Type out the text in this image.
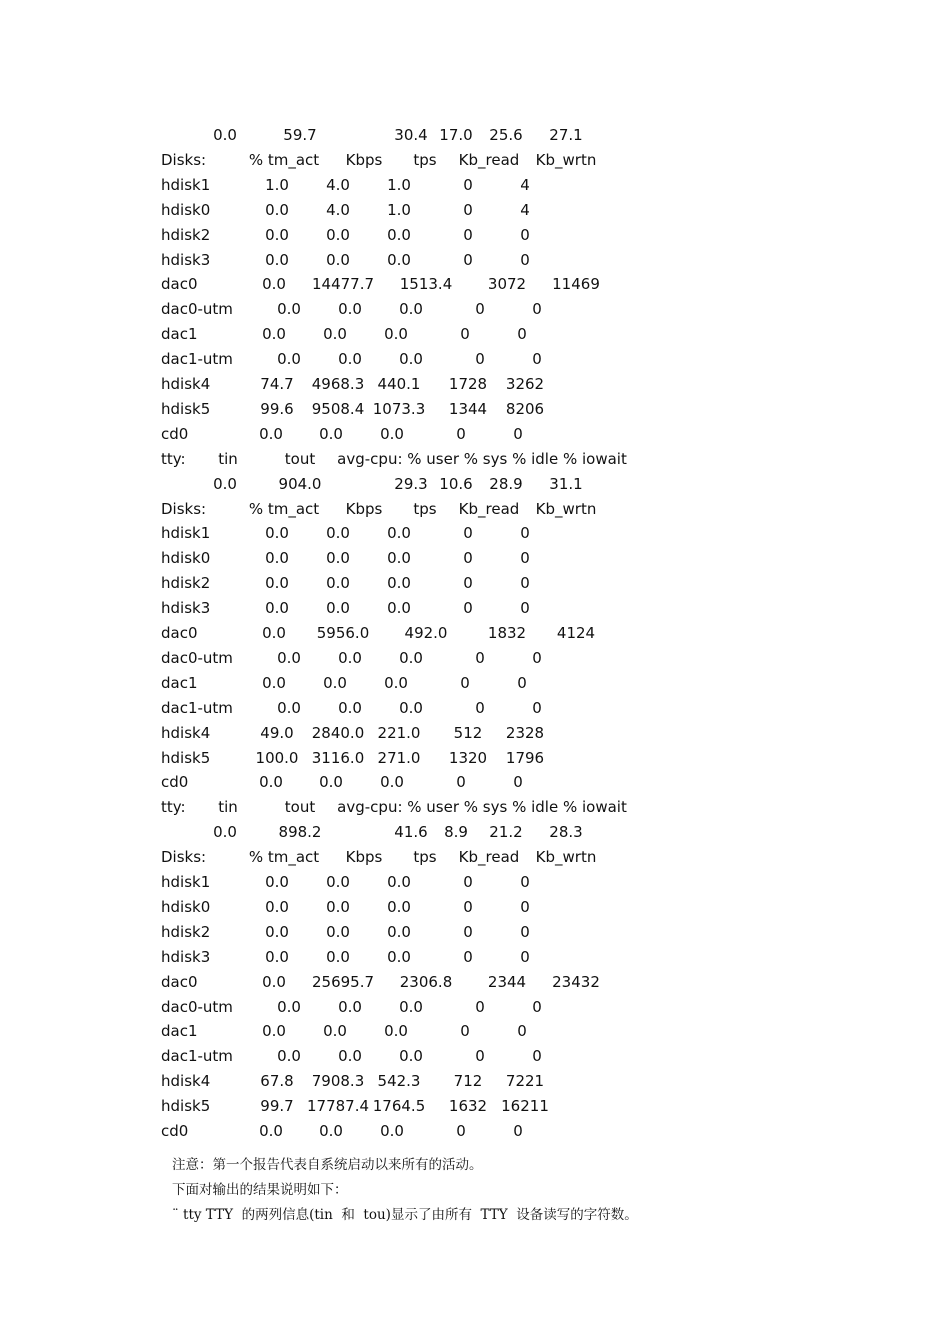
0.0	59.7	30.4 17.0 25.6 27.1
Disks:	% tm_act Kbps tps Kb_read Kb_wrtn
hdisk1	1.0 4.0 1.0	0	4
hdisk0	0.0 4.0 1.0	0	4
hdisk2	0.0 0.0 0.0	0	0
hdisk3	0.0 0.0 0.0	0	0
dac0	0.0 14477.7 1513.4 3072 11469
dac0-utm	0.0 0.0 0.0	0	0
dac1	0.0 0.0 0.0	0	0
dac1-utm	0.0 0.0 0.0	0	0
hdisk4	74.7 4968.3 440.1 1728 3262
hdisk5	99.6 9508.4 1073.3 1344 8206
cd0	0.0 0.0 0.0	0	0
tty: tin	tout avg-cpu: % user % sys % idle % iowait
0.0	904.0	29.3 10.6 28.9 31.1
Disks:	% tm_act Kbps tps Kb_read Kb_wrtn
hdisk1	0.0 0.0 0.0	0	0
hdisk0	0.0 0.0 0.0	0	0
hdisk2	0.0 0.0 0.0	0	0
hdisk3	0.0 0.0 0.0	0	0
dac0	0.0 5956.0 492.0	1832 4124
dac0-utm	0.0 0.0 0.0	0	0
dac1	0.0 0.0 0.0	0	0
dac1-utm	0.0 0.0 0.0	0	0
hdisk4	49.0 2840.0 221.0 512 2328
hdisk5	100.0 3116.0 271.0 1320 1796
cd0	0.0 0.0 0.0	0	0
tty: tin	tout avg-cpu: % user % sys % idle % iowait
0.0	898.2	41.6 8.9 21.2 28.3
Disks:	% tm_act Kbps tps Kb_read Kb_wrtn
hdisk1	0.0 0.0 0.0	0	0
hdisk0	0.0 0.0 0.0	0	0
hdisk2	0.0 0.0 0.0	0	0
hdisk3	0.0 0.0 0.0	0	0
dac0	0.0 25695.7 2306.8 2344 23432
dac0-utm	0.0 0.0 0.0	0	0
dac1	0.0 0.0 0.0	0	0
dac1-utm	0.0 0.0 0.0	0	0
hdisk4	67.8 7908.3 542.3 712 7221
hdisk5	99.7 17787.4 1764.5 1632 16211
cd0	0.0 0.0 0.0	0	0
注意：第一个报告代表自系统启动以来所有的活动。
下面对输出的结果说明如下：
¨ tty TTY  的两列信息(tin  和  tou)显示了由所有  TTY  设备读写的字符数。
